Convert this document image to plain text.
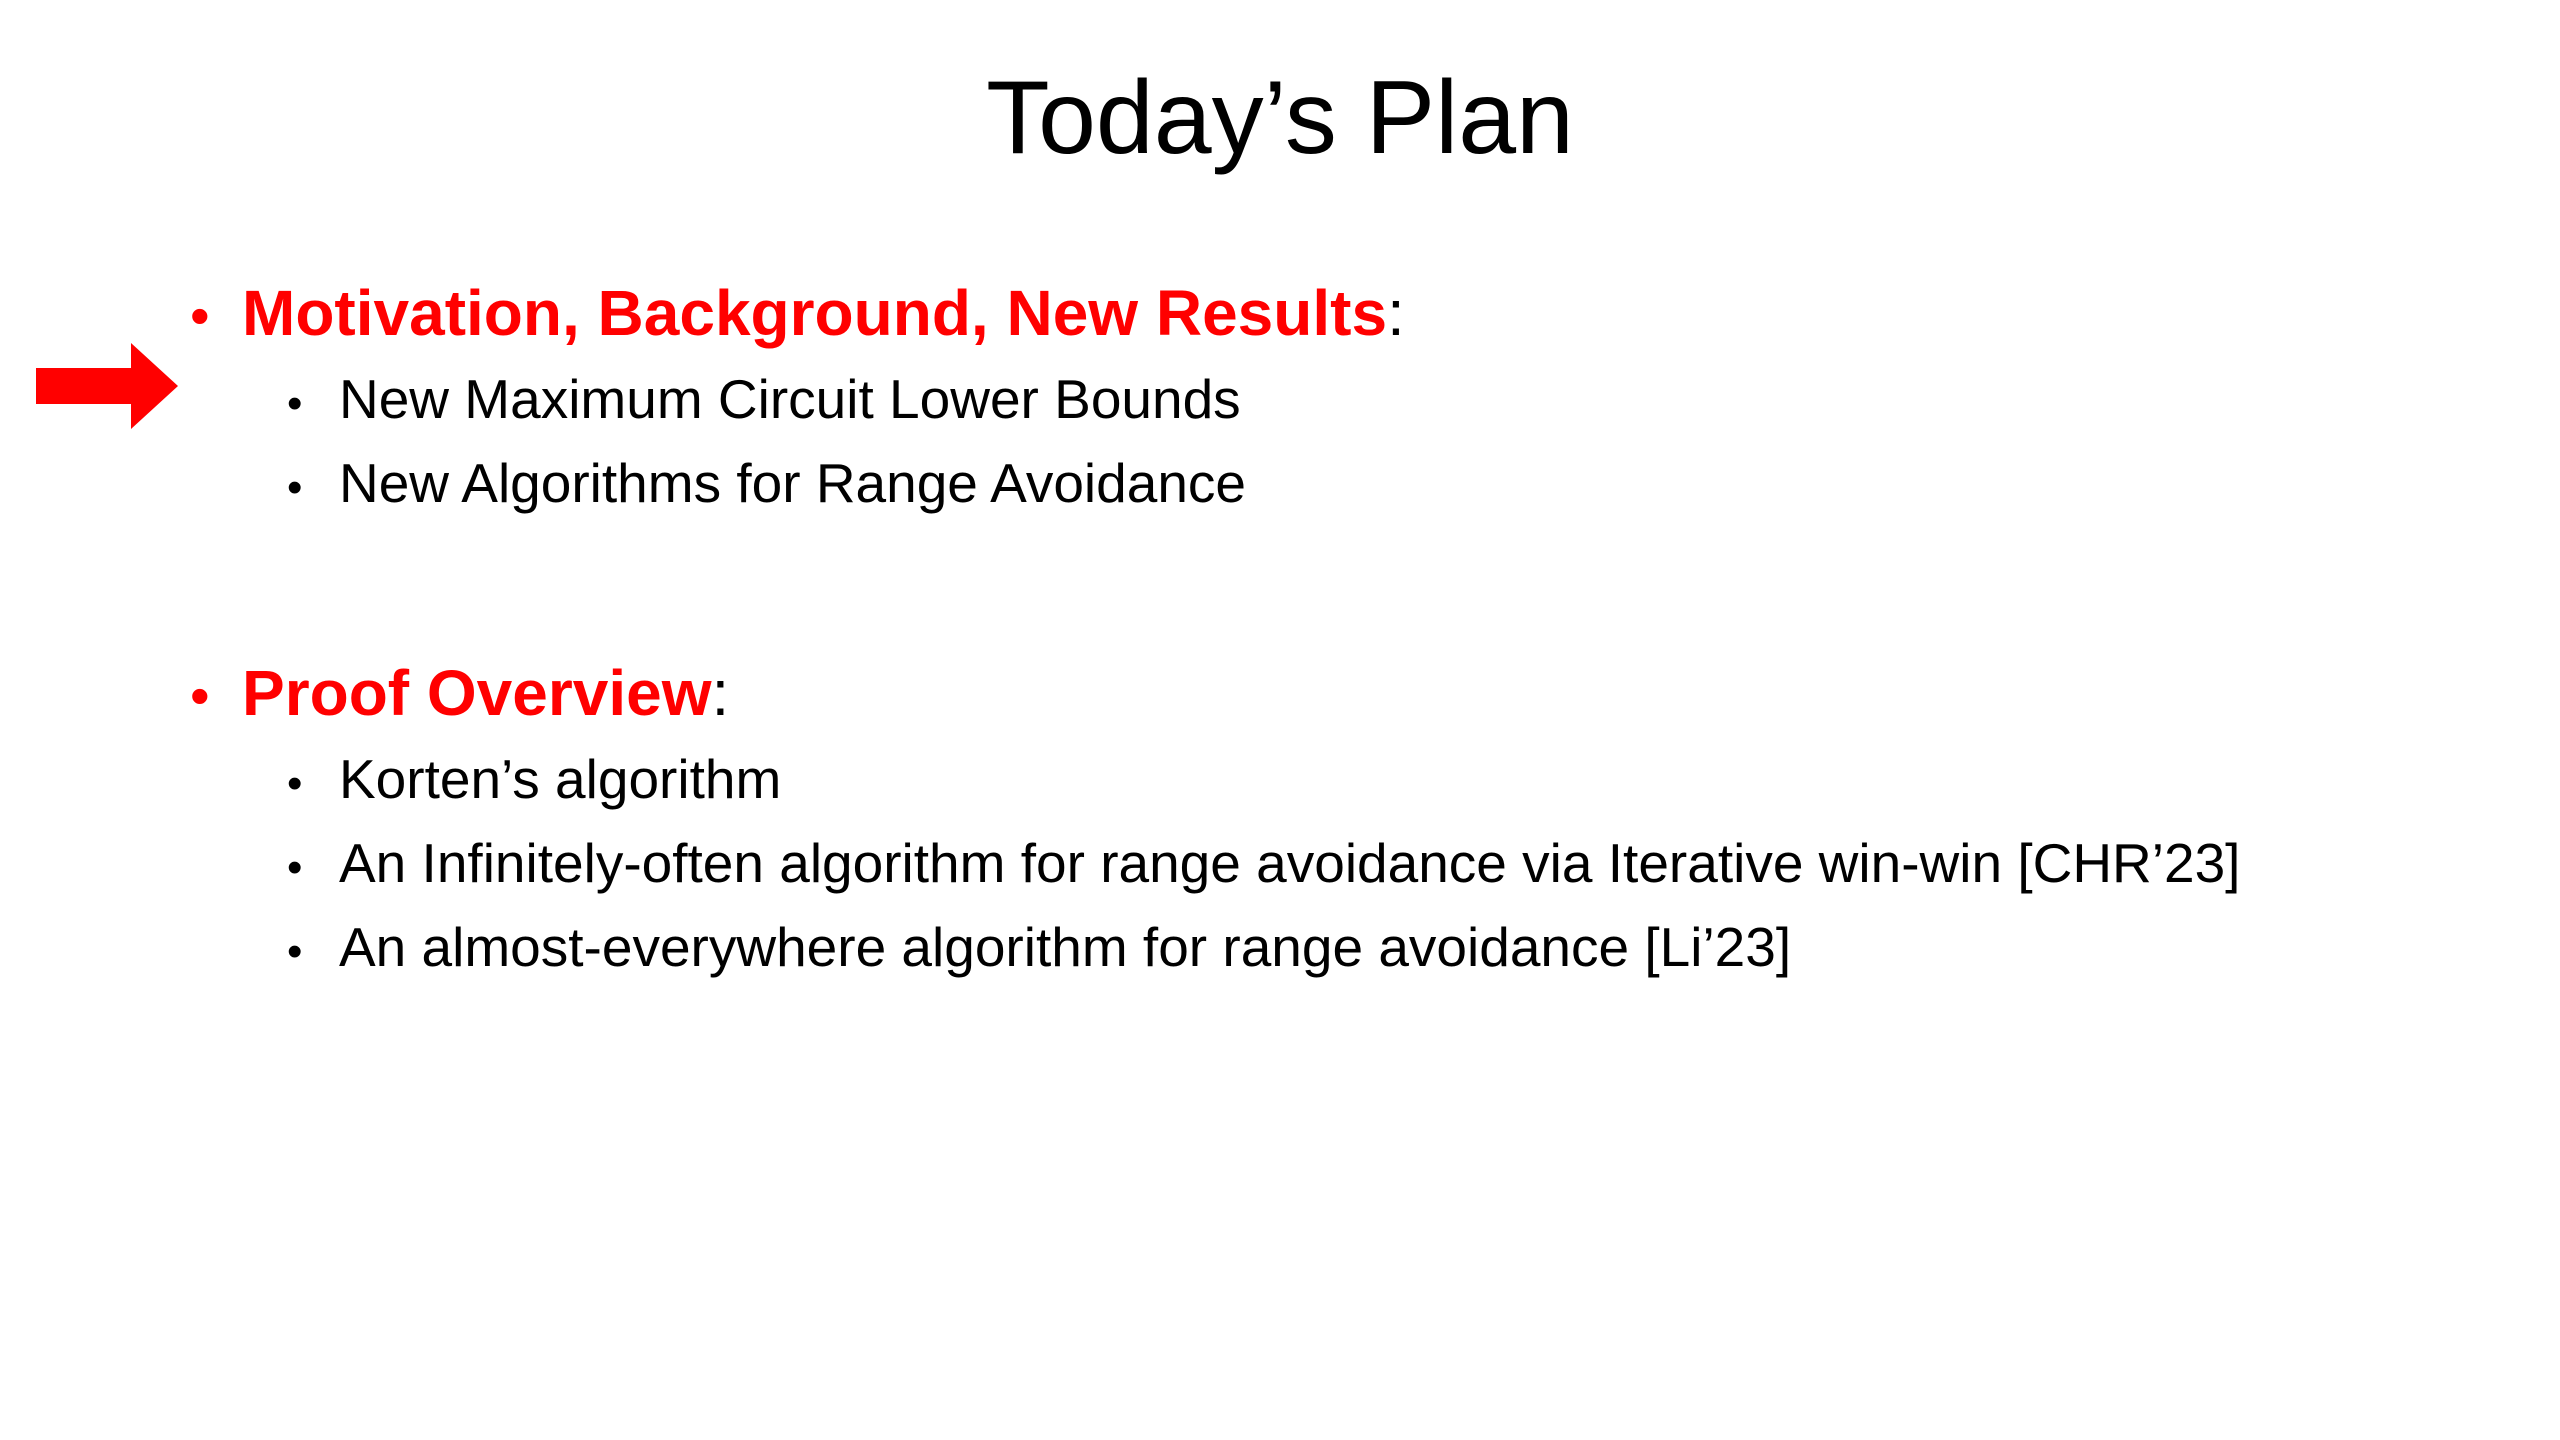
Today’s Plan
• Motivation, Background, New Results :
• New Maximum Circuit Lower Bounds
• New Algorithms for Range Avoidance
• Proof Overview :
• Korten’s algorithm
• An Infinitely-often algorithm for range avoidance via Iterative win-win [CHR’23]
• An almost-everywhere algorithm for range avoidance [Li’23]
